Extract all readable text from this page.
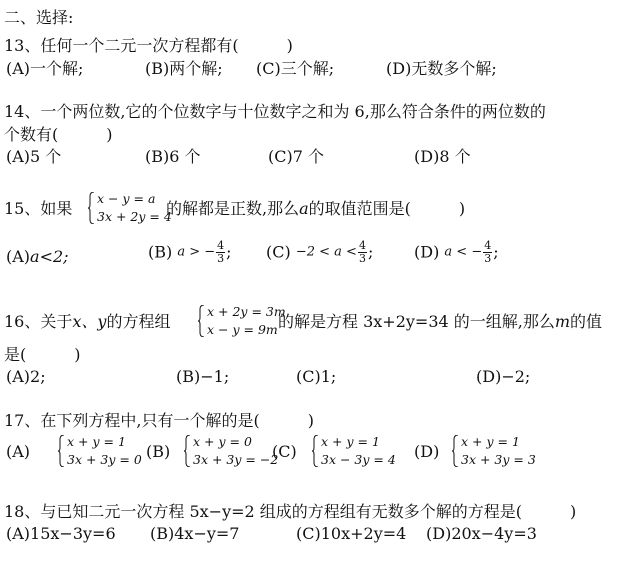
二、选择:
13、任何一个二元一次方程都有(　　　)
(A)一个解;	(B)两个解; (C)三个解;	(D)无数多个解;
14、一个两位数,它的个位数字与十位数字之和为 6,那么符合条件的两位数的
个数有(　　　)
(A)5 个	(B)6 个	(C)7 个	(D)8 个
15、如果
x − y = a
3x + 2y = 4
的解都是正数,那么a的取值范围是(　　　)
(A)a<2;	(B) a > − $\frac{4}{3}$ ; $(C) -2 < a < \frac{4}{3}$ ;	(D) a < − $\frac{4}{3}$ ;
16、关于x、y的方程组
x + 2y = 3m
x − y = 9m 的解是方程 3x+2y=34 的一组解,那么m的值
是(　　　)
(A)2;	(B)−1;	(C)1;	(D)−2;
17、在下列方程中,只有一个解的是(　　　)
(A)
x + y = 1
3x + 3y = 0 (B)
x + y = 0
3x + 3y = −2
(C)
x + y = 1
3x − 3y = 4 (D)
x + y = 1
3x + 3y = 3
18、与已知二元一次方程 5x−y=2 组成的方程组有无数多个解的方程是(　　　)
(A)15x−3y=6 (B)4x−y=7	(C)10x+2y=4 (D)20x−4y=3
